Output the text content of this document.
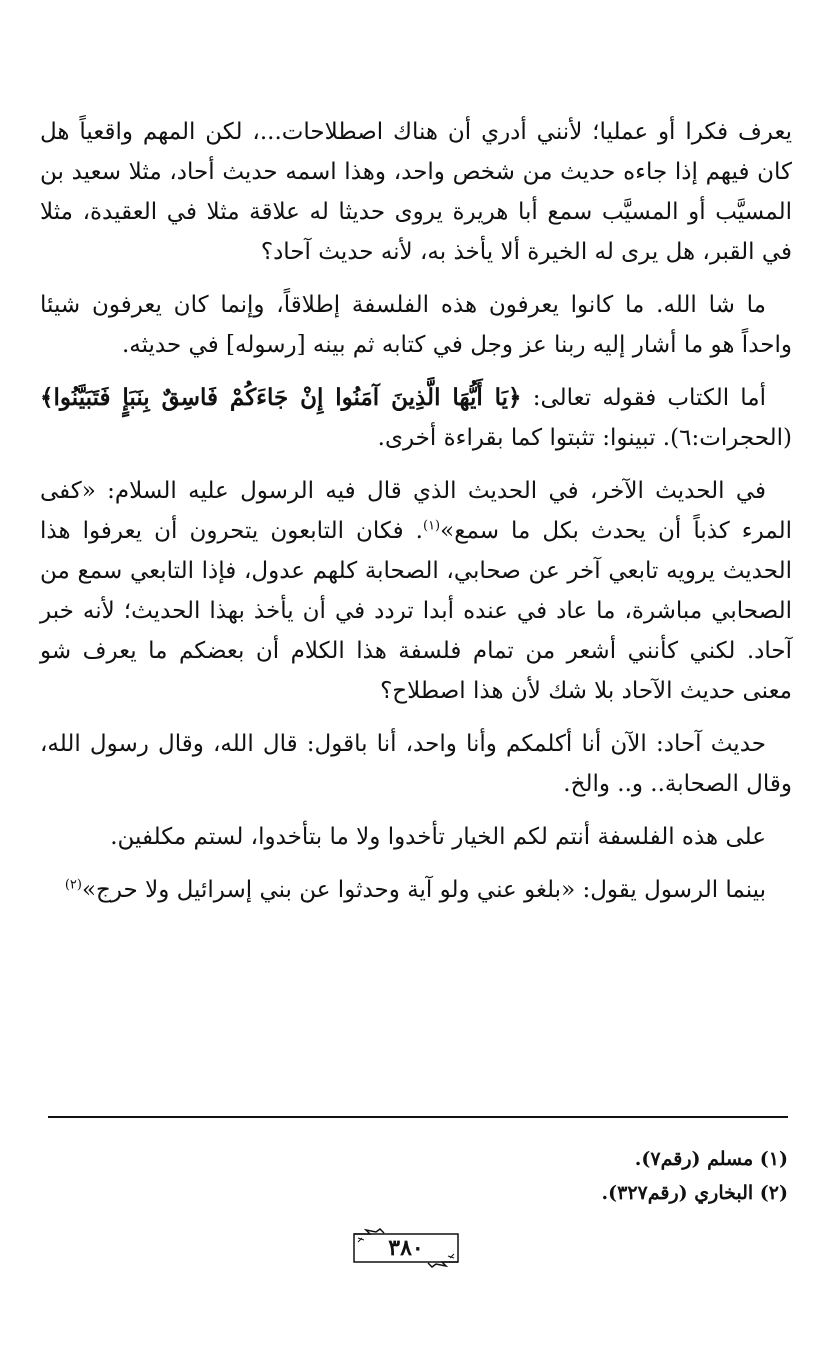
يعرف فكرا أو عمليا؛ لأنني أدري أن هناك اصطلاحات...، لكن المهم واقعياً هل كان فيهم إذا جاءه حديث من شخص واحد، وهذا اسمه حديث أحاد، مثلا سعيد بن المسيَّب أو المسيَّب سمع أبا هريرة يروى حديثا له علاقة مثلا في العقيدة، مثلا في القبر، هل يرى له الخيرة ألا يأخذ به، لأنه حديث آحاد؟

ما شا الله. ما كانوا يعرفون هذه الفلسفة إطلاقاً، وإنما كان يعرفون شيئا واحداً هو ما أشار إليه ربنا عز وجل في كتابه ثم بينه [رسوله] في حديثه.

أما الكتاب فقوله تعالى: ﴿يَا أَيُّهَا الَّذِينَ آمَنُوا إِنْ جَاءَكُمْ فَاسِقٌ بِنَبَإٍ فَتَبَيَّنُوا﴾(الحجرات:٦). تبينوا: تثبتوا كما بقراءة أخرى.

في الحديث الآخر، في الحديث الذي قال فيه الرسول عليه السلام: «كفى المرء كذباً أن يحدث بكل ما سمع»$^{(١)}$. فكان التابعون يتحرون أن يعرفوا هذا الحديث يرويه تابعي آخر عن صحابي، الصحابة كلهم عدول، فإذا التابعي سمع من الصحابي مباشرة، ما عاد في عنده أبدا تردد في أن يأخذ بهذا الحديث؛ لأنه خبر آحاد. لكني كأنني أشعر من تمام فلسفة هذا الكلام أن بعضكم ما يعرف شو معنى حديث الآحاد بلا شك لأن هذا اصطلاح؟

حديث آحاد: الآن أنا أكلمكم وأنا واحد، أنا باقول: قال الله، وقال رسول الله، وقال الصحابة.. و.. والخ.

على هذه الفلسفة أنتم لكم الخيار تأخدوا ولا ما بتأخدوا، لستم مكلفين.

بينما الرسول يقول: «بلغو عني ولو آية وحدثوا عن بني إسرائيل ولا حرج»$^{(٢)}$

(١) مسلم (رقم٧).

(٢) البخاري (رقم٣٢٧).

٣٨٠
